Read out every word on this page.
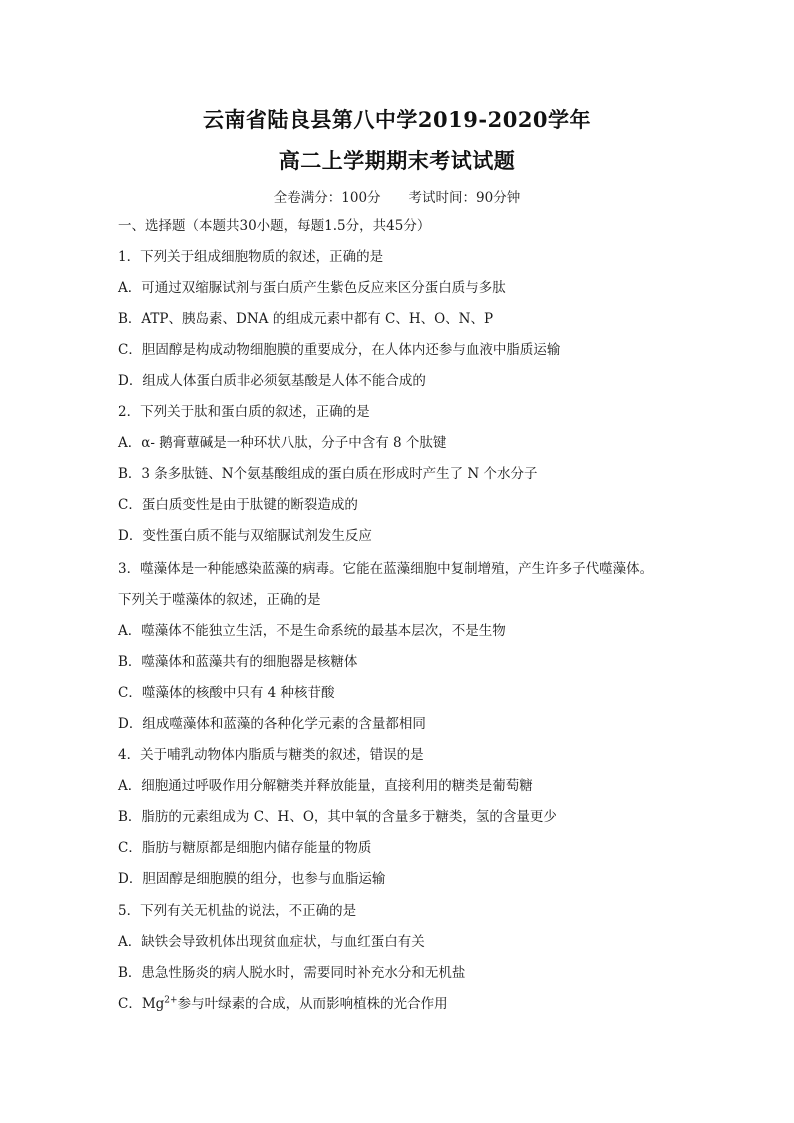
云南省陆良县第八中学2019-2020学年
高二上学期期末考试试题
全卷满分：100分 考试时间：90分钟
一、选择题（本题共30小题，每题1.5分，共45分）
1．下列关于组成细胞物质的叙述，正确的是
A．可通过双缩脲试剂与蛋白质产生紫色反应来区分蛋白质与多肽
B．ATP、胰岛素、DNA 的组成元素中都有 C、H、O、N、P
C．胆固醇是构成动物细胞膜的重要成分，在人体内还参与血液中脂质运输
D．组成人体蛋白质非必须氨基酸是人体不能合成的
2．下列关于肽和蛋白质的叙述，正确的是
A．α- 鹅膏蕈碱是一种环状八肽，分子中含有 8 个肽键
B．3 条多肽链、N个氨基酸组成的蛋白质在形成时产生了 N 个水分子
C．蛋白质变性是由于肽键的断裂造成的
D．变性蛋白质不能与双缩脲试剂发生反应
3．噬藻体是一种能感染蓝藻的病毒。它能在蓝藻细胞中复制增殖，产生许多子代噬藻体。
下列关于噬藻体的叙述，正确的是
A．噬藻体不能独立生活，不是生命系统的最基本层次，不是生物
B．噬藻体和蓝藻共有的细胞器是核糖体
C．噬藻体的核酸中只有 4 种核苷酸
D．组成噬藻体和蓝藻的各种化学元素的含量都相同
4．关于哺乳动物体内脂质与糖类的叙述，错误的是
A．细胞通过呼吸作用分解糖类并释放能量，直接利用的糖类是葡萄糖
B．脂肪的元素组成为 C、H、O，其中氧的含量多于糖类，氢的含量更少
C．脂肪与糖原都是细胞内储存能量的物质
D．胆固醇是细胞膜的组分，也参与血脂运输
5．下列有关无机盐的说法，不正确的是
A．缺铁会导致机体出现贫血症状，与血红蛋白有关
B．患急性肠炎的病人脱水时，需要同时补充水分和无机盐
C．$Mg^{2+}$参与叶绿素的合成，从而影响植株的光合作用
